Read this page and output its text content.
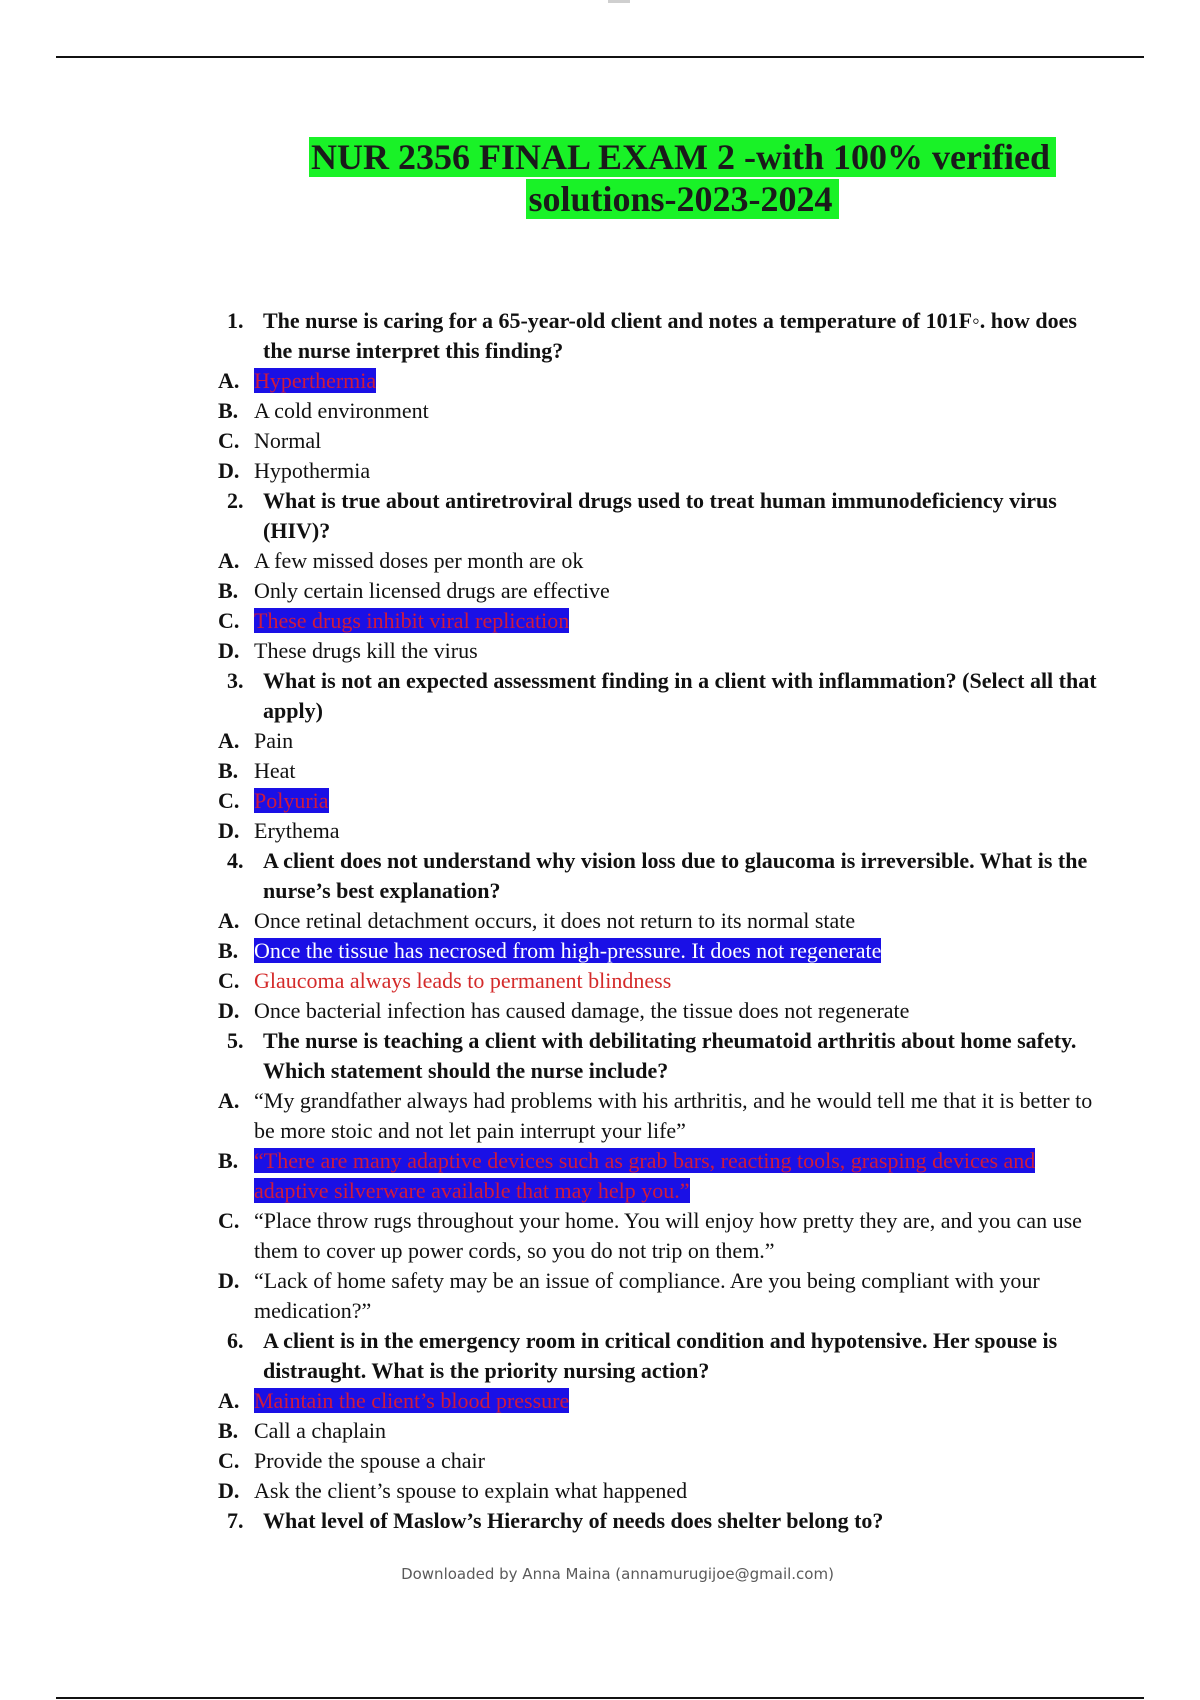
NUR 2356 FINAL EXAM 2 -with 100% verified
solutions-2023-2024
1. The nurse is caring for a 65-year-old client and notes a temperature of 101F◦. how does the nurse interpret this finding?
A. Hyperthermia
B. A cold environment
C. Normal
D. Hypothermia
2. What is true about antiretroviral drugs used to treat human immunodeficiency virus (HIV)?
A. A few missed doses per month are ok
B. Only certain licensed drugs are effective
C. These drugs inhibit viral replication
D. These drugs kill the virus
3. What is not an expected assessment finding in a client with inflammation? (Select all that apply)
A. Pain
B. Heat
C. Polyuria
D. Erythema
4. A client does not understand why vision loss due to glaucoma is irreversible. What is the nurse’s best explanation?
A. Once retinal detachment occurs, it does not return to its normal state
B. Once the tissue has necrosed from high-pressure. It does not regenerate
C. Glaucoma always leads to permanent blindness
D. Once bacterial infection has caused damage, the tissue does not regenerate
5. The nurse is teaching a client with debilitating rheumatoid arthritis about home safety. Which statement should the nurse include?
A. “My grandfather always had problems with his arthritis, and he would tell me that it is better to be more stoic and not let pain interrupt your life”
B. “There are many adaptive devices such as grab bars, reacting tools, grasping devices and adaptive silverware available that may help you.”
C. “Place throw rugs throughout your home. You will enjoy how pretty they are, and you can use them to cover up power cords, so you do not trip on them.”
D. “Lack of home safety may be an issue of compliance. Are you being compliant with your medication?”
6. A client is in the emergency room in critical condition and hypotensive. Her spouse is distraught. What is the priority nursing action?
A. Maintain the client’s blood pressure
B. Call a chaplain
C. Provide the spouse a chair
D. Ask the client’s spouse to explain what happened
7. What level of Maslow’s Hierarchy of needs does shelter belong to?
Downloaded by Anna Maina (annamurugijoe@gmail.com)
